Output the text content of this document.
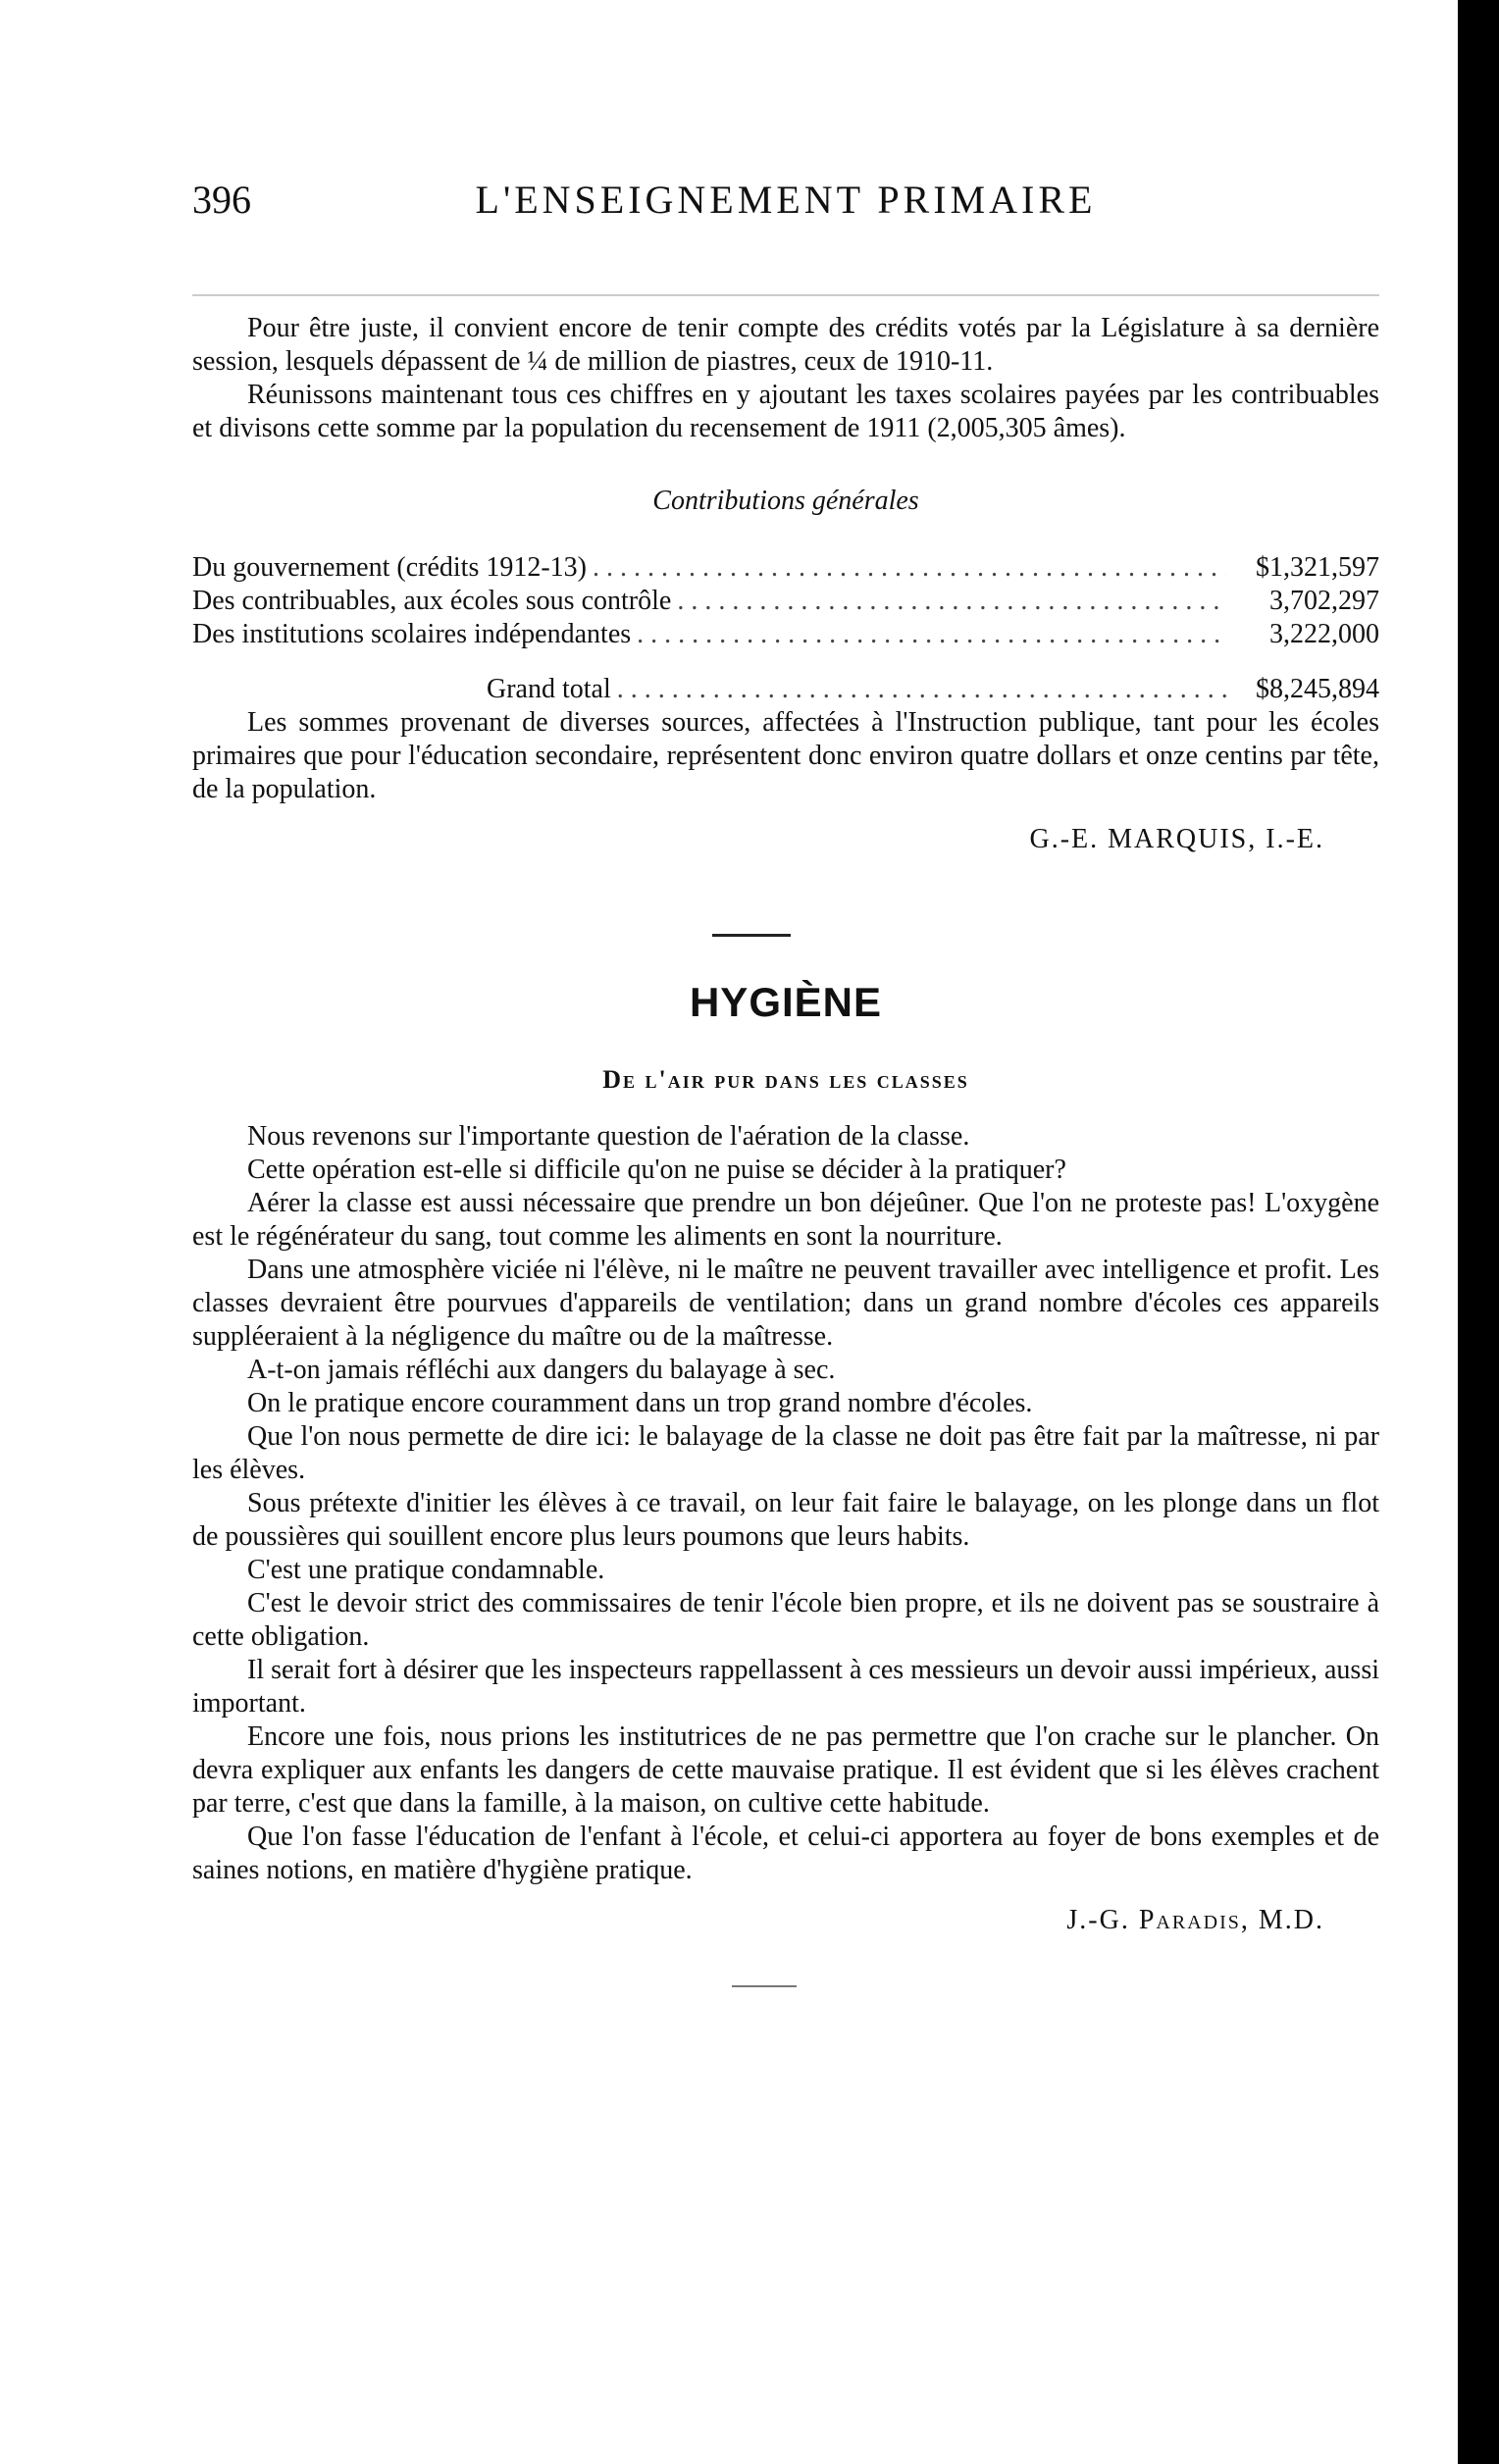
396	L'ENSEIGNEMENT PRIMAIRE

Pour être juste, il convient encore de tenir compte des crédits votés par la Législature à sa dernière session, lesquels dépassent de ¼ de million de piastres, ceux de 1910-11.

Réunissons maintenant tous ces chiffres en y ajoutant les taxes scolaires payées par les contribuables et divisons cette somme par la population du recensement de 1911 (2,005,305 âmes).

Contributions générales

Du gouvernement (crédits 1912-13) . . .	$1,321,597
Des contribuables, aux écoles sous contrôle . . .	3,702,297
Des institutions scolaires indépendantes . . .	3,222,000
Grand total . . .	$8,245,894

Les sommes provenant de diverses sources, affectées à l'Instruction publique, tant pour les écoles primaires que pour l'éducation secondaire, représentent donc environ quatre dollars et onze centins par tête, de la population.

G.-E. MARQUIS, I.-E.
HYGIÈNE
De l'air pur dans les classes

Nous revenons sur l'importante question de l'aération de la classe.

Cette opération est-elle si difficile qu'on ne puise se décider à la pratiquer?

Aérer la classe est aussi nécessaire que prendre un bon déjeûner. Que l'on ne proteste pas! L'oxygène est le régénérateur du sang, tout comme les aliments en sont la nourriture.

Dans une atmosphère viciée ni l'élève, ni le maître ne peuvent travailler avec intelligence et profit. Les classes devraient être pourvues d'appareils de ventilation; dans un grand nombre d'écoles ces appareils suppléeraient à la négligence du maître ou de la maîtresse.

A-t-on jamais réfléchi aux dangers du balayage à sec.

On le pratique encore couramment dans un trop grand nombre d'écoles.

Que l'on nous permette de dire ici: le balayage de la classe ne doit pas être fait par la maîtresse, ni par les élèves.

Sous prétexte d'initier les élèves à ce travail, on leur fait faire le balayage, on les plonge dans un flot de poussières qui souillent encore plus leurs poumons que leurs habits.

C'est une pratique condamnable.

C'est le devoir strict des commissaires de tenir l'école bien propre, et ils ne doivent pas se soustraire à cette obligation.

Il serait fort à désirer que les inspecteurs rappellassent à ces messieurs un devoir aussi impérieux, aussi important.

Encore une fois, nous prions les institutrices de ne pas permettre que l'on crache sur le plancher. On devra expliquer aux enfants les dangers de cette mauvaise pratique. Il est évident que si les élèves crachent par terre, c'est que dans la famille, à la maison, on cultive cette habitude.

Que l'on fasse l'éducation de l'enfant à l'école, et celui-ci apportera au foyer de bons exemples et de saines notions, en matière d'hygiène pratique.

J.-G. Paradis, M.D.
